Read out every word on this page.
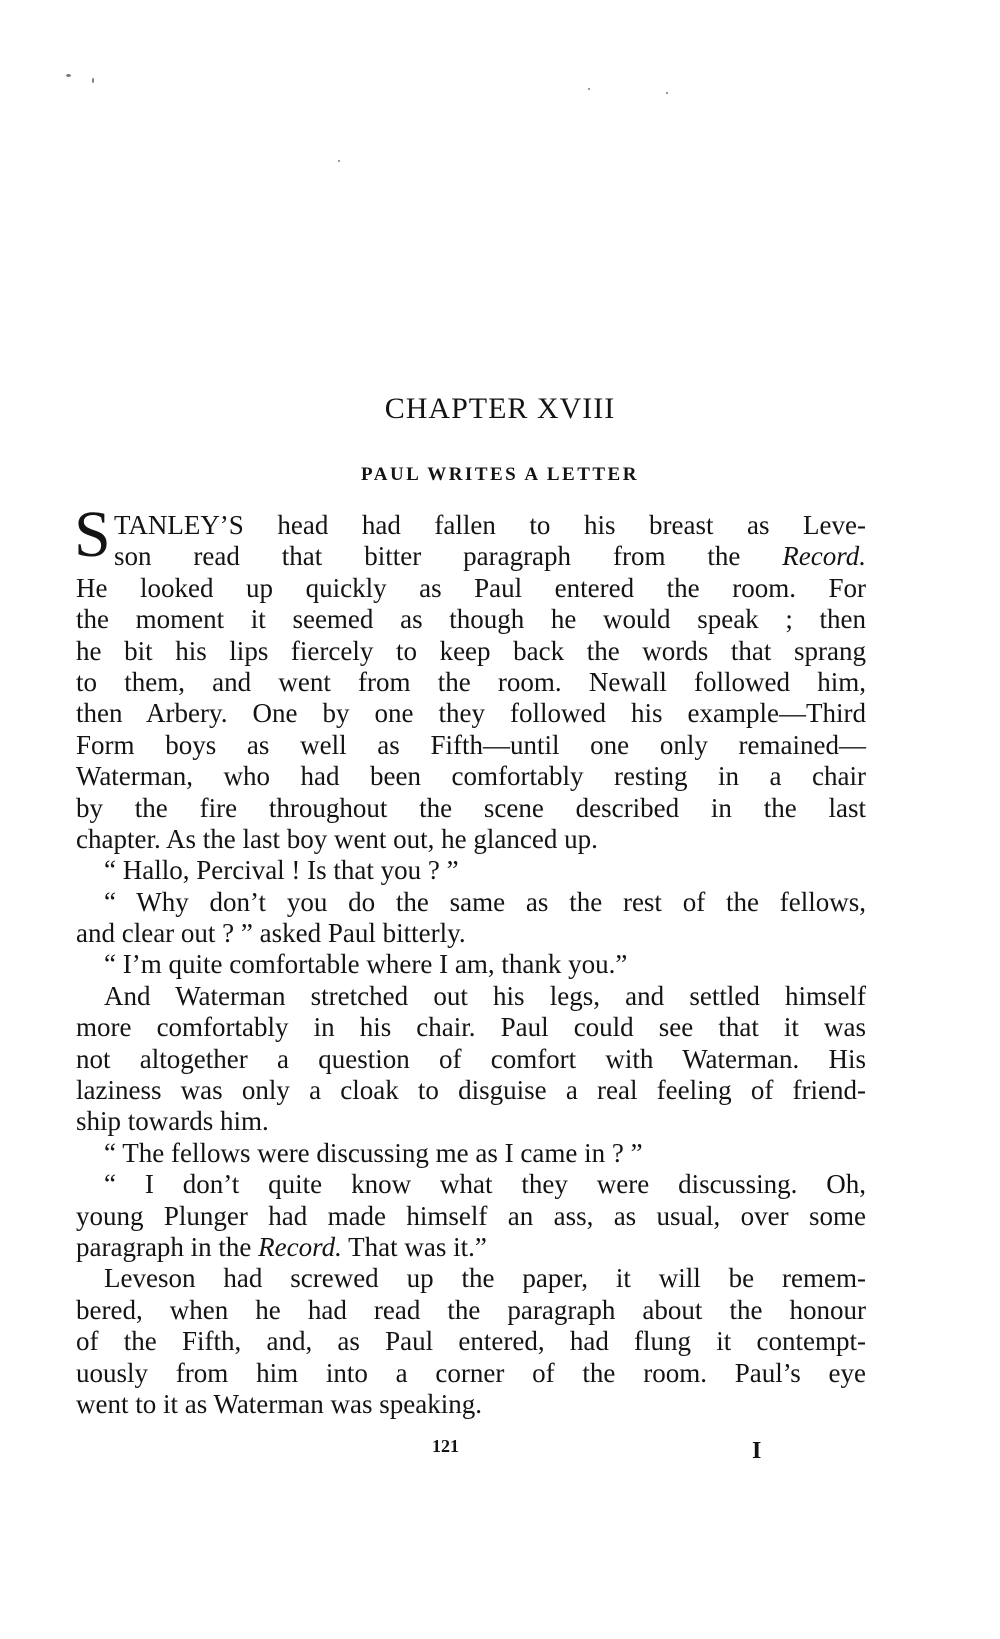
CHAPTER XVIII
PAUL WRITES A LETTER
S TANLEY’S head had fallen to his breast as Leve-
son read that bitter paragraph from the Record.
He looked up quickly as Paul entered the room. For
the moment it seemed as though he would speak ; then
he bit his lips fiercely to keep back the words that sprang
to them, and went from the room. Newall followed him,
then Arbery. One by one they followed his example—Third
Form boys as well as Fifth—until one only remained—
Waterman, who had been comfortably resting in a chair
by the fire throughout the scene described in the last
chapter. As the last boy went out, he glanced up.
“ Hallo, Percival ! Is that you ? ”
“ Why don’t you do the same as the rest of the fellows,
and clear out ? ” asked Paul bitterly.
“ I’m quite comfortable where I am, thank you.”
And Waterman stretched out his legs, and settled himself
more comfortably in his chair. Paul could see that it was
not altogether a question of comfort with Waterman. His
laziness was only a cloak to disguise a real feeling of friend-
ship towards him.
“ The fellows were discussing me as I came in ? ”
“ I don’t quite know what they were discussing. Oh,
young Plunger had made himself an ass, as usual, over some
paragraph in the Record. That was it.”
Leveson had screwed up the paper, it will be remem-
bered, when he had read the paragraph about the honour
of the Fifth, and, as Paul entered, had flung it contempt-
uously from him into a corner of the room. Paul’s eye
went to it as Waterman was speaking.
121	I
